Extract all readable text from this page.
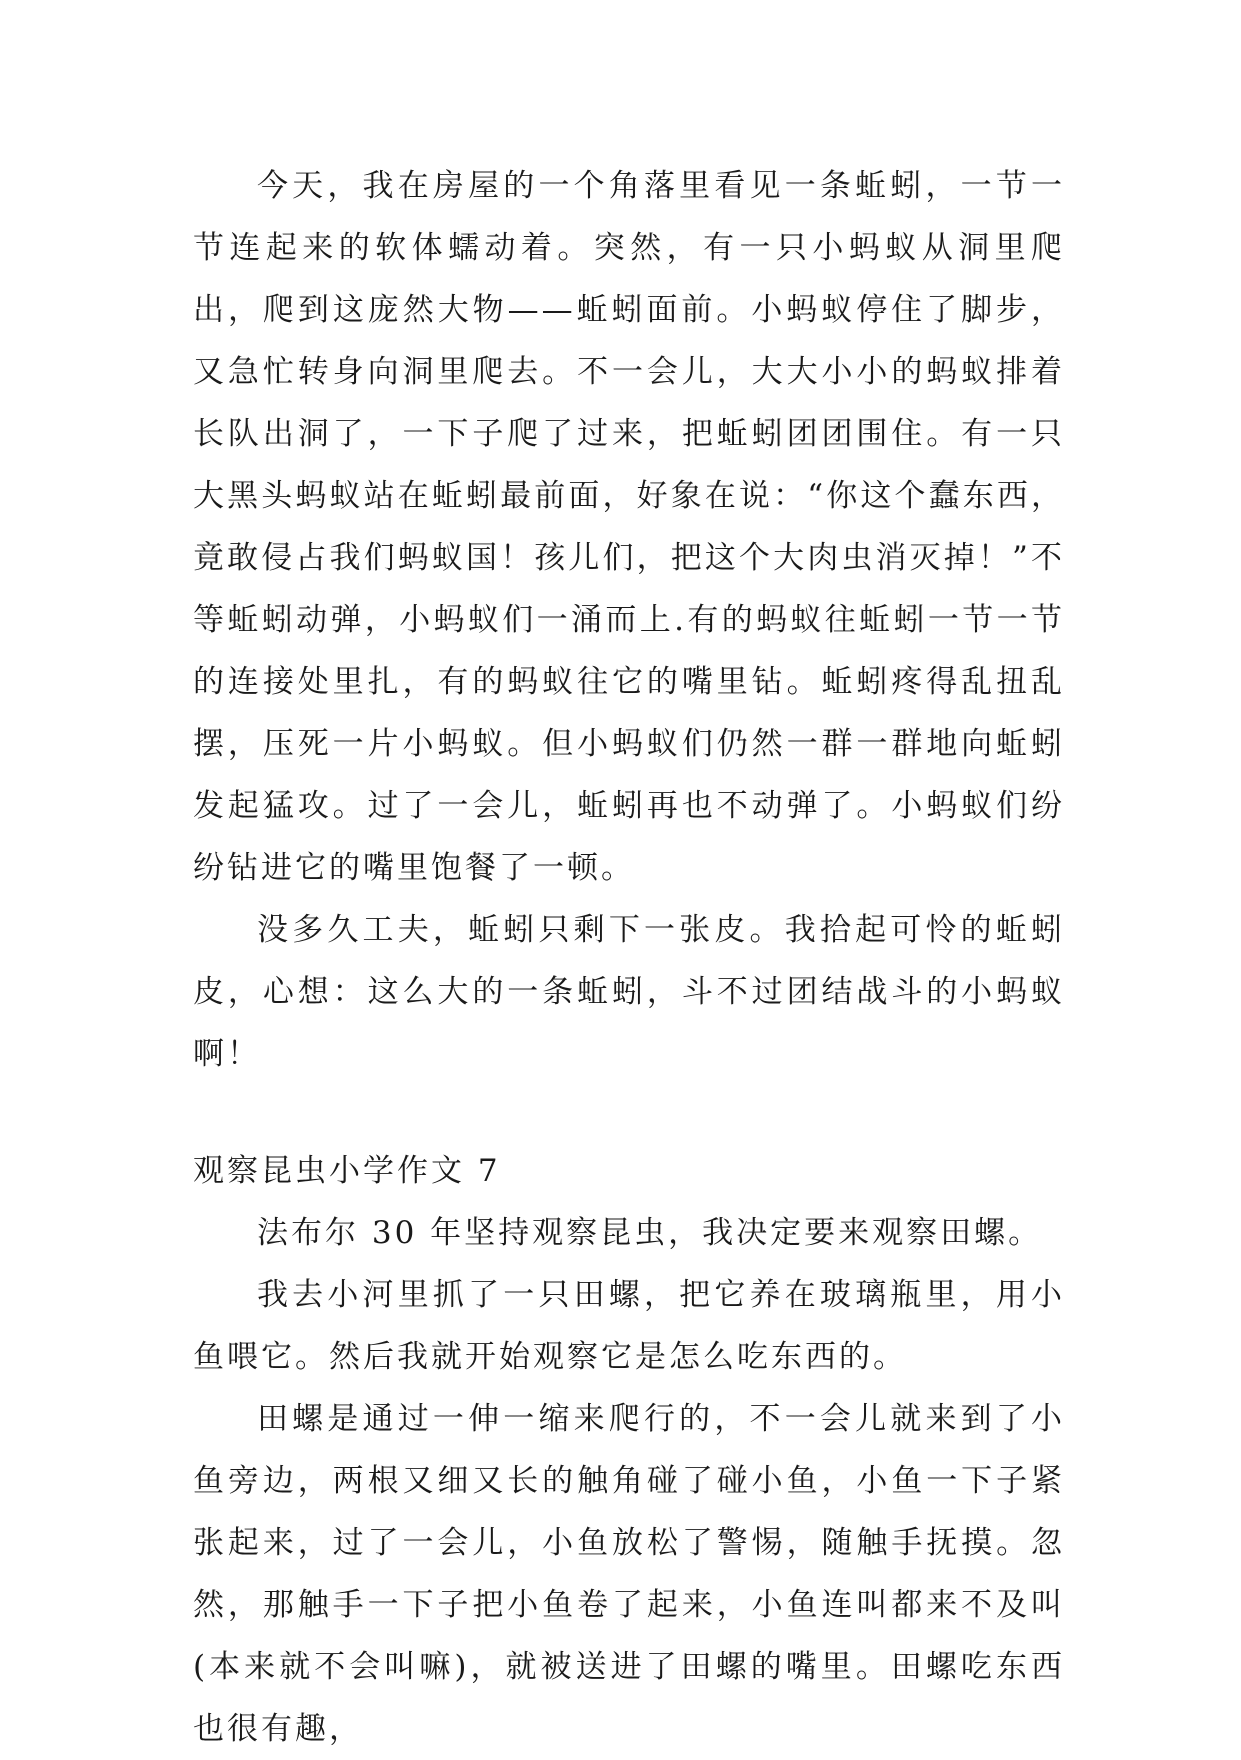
今天，我在房屋的一个角落里看见一条蚯蚓，一节一节连起来的软体蠕动着。突然，有一只小蚂蚁从洞里爬出，爬到这庞然大物——蚯蚓面前。小蚂蚁停住了脚步，又急忙转身向洞里爬去。不一会儿，大大小小的蚂蚁排着长队出洞了，一下子爬了过来，把蚯蚓团团围住。有一只大黑头蚂蚁站在蚯蚓最前面，好象在说：“你这个蠢东西，竟敢侵占我们蚂蚁国！孩儿们，把这个大肉虫消灭掉！”不等蚯蚓动弹，小蚂蚁们一涌而上.有的蚂蚁往蚯蚓一节一节的连接处里扎，有的蚂蚁往它的嘴里钻。蚯蚓疼得乱扭乱摆，压死一片小蚂蚁。但小蚂蚁们仍然一群一群地向蚯蚓发起猛攻。过了一会儿，蚯蚓再也不动弹了。小蚂蚁们纷纷钻进它的嘴里饱餐了一顿。

没多久工夫，蚯蚓只剩下一张皮。我拾起可怜的蚯蚓皮，心想：这么大的一条蚯蚓，斗不过团结战斗的小蚂蚁啊！

观察昆虫小学作文 7

法布尔 30 年坚持观察昆虫，我决定要来观察田螺。

我去小河里抓了一只田螺，把它养在玻璃瓶里，用小鱼喂它。然后我就开始观察它是怎么吃东西的。

田螺是通过一伸一缩来爬行的，不一会儿就来到了小鱼旁边，两根又细又长的触角碰了碰小鱼，小鱼一下子紧张起来，过了一会儿，小鱼放松了警惕，随触手抚摸。忽然，那触手一下子把小鱼卷了起来，小鱼连叫都来不及叫(本来就不会叫嘛)，就被送进了田螺的嘴里。田螺吃东西也很有趣，
